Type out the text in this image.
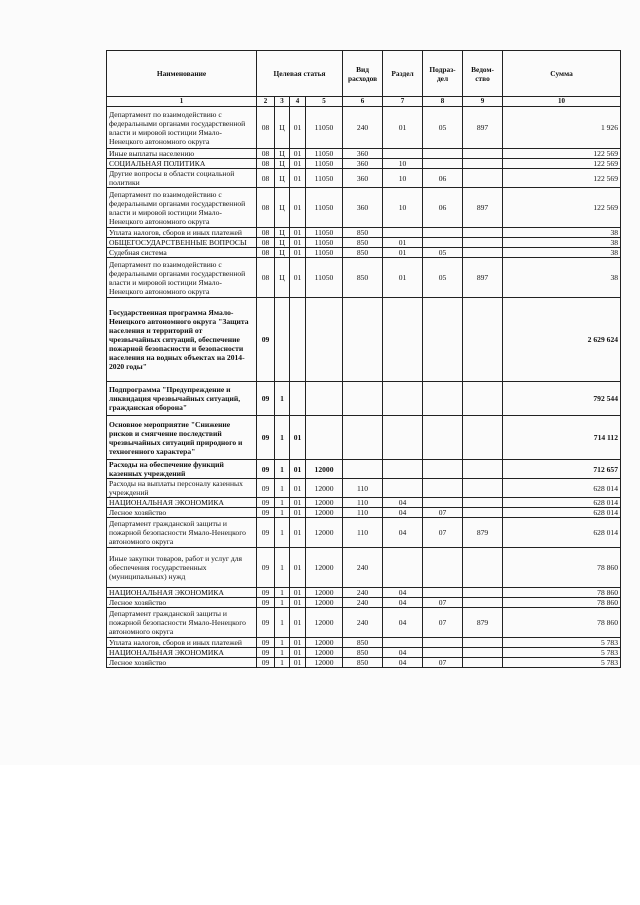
Наименование	Целевая статья				Вид расходов	Раздел	Подраз-дел	Ведом-ство	Сумма
1	2	3	4	5	6	7	8	9	10
Департамент по взаимодействию с федеральными органами государственной власти и мировой юстиции Ямало-Ненецкого автономного округа	08	Ц	01	11050	240	01	05	897	1 926
Иные выплаты населению	08	Ц	01	11050	360				122 569
СОЦИАЛЬНАЯ ПОЛИТИКА	08	Ц	01	11050	360	10			122 569
Другие вопросы в области социальной политики	08	Ц	01	11050	360	10	06		122 569
Департамент по взаимодействию с федеральными органами государственной власти и мировой юстиции Ямало-Ненецкого автономного округа	08	Ц	01	11050	360	10	06	897	122 569
Уплата налогов, сборов и иных платежей	08	Ц	01	11050	850				38
ОБЩЕГОСУДАРСТВЕННЫЕ ВОПРОСЫ	08	Ц	01	11050	850	01			38
Судебная система	08	Ц	01	11050	850	01	05		38
Департамент по взаимодействию с федеральными органами государственной власти и мировой юстиции Ямало-Ненецкого автономного округа	08	Ц	01	11050	850	01	05	897	38
Государственная программа Ямало-Ненецкого автономного округа "Защита населения и территорий от чрезвычайных ситуаций, обеспечение пожарной безопасности и безопасности населения на водных объектах на 2014-2020 годы"	09								2 629 624
Подпрограмма "Предупреждение и ликвидация чрезвычайных ситуаций, гражданская оборона"	09	1							792 544
Основное мероприятие "Снижение рисков и смягчение последствий чрезвычайных ситуаций природного и техногенного характера"	09	1	01						714 112
Расходы на обеспечение функций казенных учреждений	09	1	01	12000					712 657
Расходы на выплаты персоналу казенных учреждений	09	1	01	12000	110				628 014
НАЦИОНАЛЬНАЯ ЭКОНОМИКА	09	1	01	12000	110	04			628 014
Лесное хозяйство	09	1	01	12000	110	04	07		628 014
Департамент гражданской защиты и пожарной безопасности Ямало-Ненецкого автономного округа	09	1	01	12000	110	04	07	879	628 014
Иные закупки товаров, работ и услуг для обеспечения государственных (муниципальных) нужд	09	1	01	12000	240				78 860
НАЦИОНАЛЬНАЯ ЭКОНОМИКА	09	1	01	12000	240	04			78 860
Лесное хозяйство	09	1	01	12000	240	04	07		78 860
Департамент гражданской защиты и пожарной безопасности Ямало-Ненецкого автономного округа	09	1	01	12000	240	04	07	879	78 860
Уплата налогов, сборов и иных платежей	09	1	01	12000	850				5 783
НАЦИОНАЛЬНАЯ ЭКОНОМИКА	09	1	01	12000	850	04			5 783
Лесное хозяйство	09	1	01	12000	850	04	07		5 783
